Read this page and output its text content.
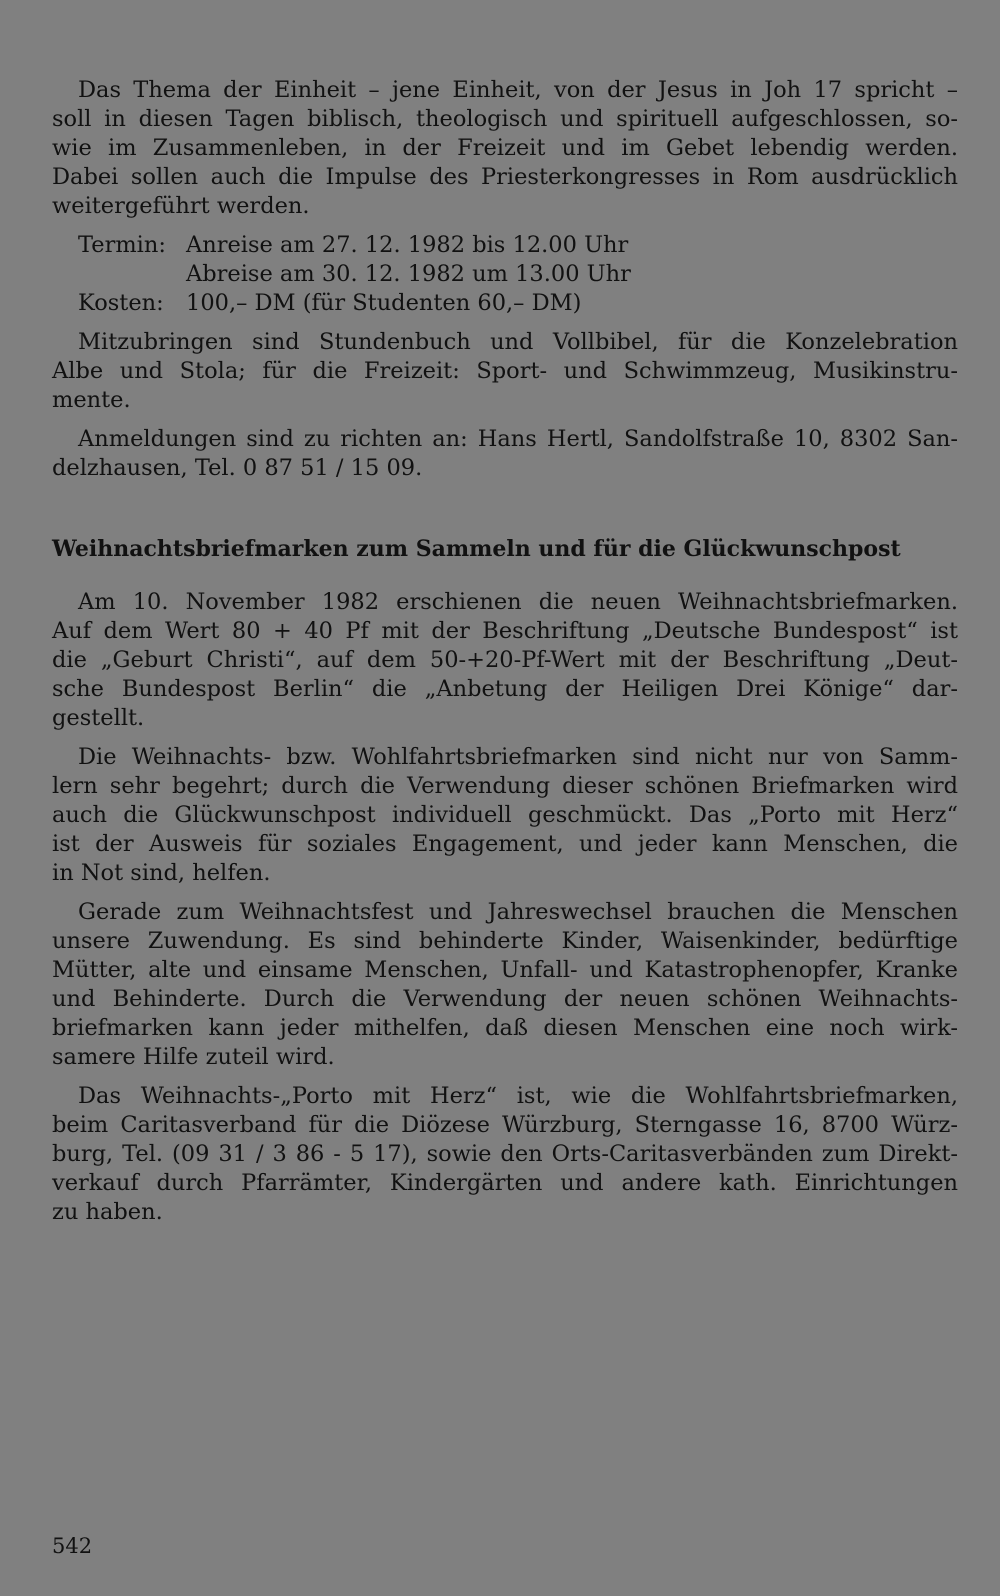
Das Thema der Einheit – jene Einheit, von der Jesus in Joh 17 spricht –
soll in diesen Tagen biblisch, theologisch und spirituell aufgeschlossen, so-
wie im Zusammenleben, in der Freizeit und im Gebet lebendig werden.
Dabei sollen auch die Impulse des Priesterkongresses in Rom ausdrücklich
weitergeführt werden.
Termin: Anreise am 27. 12. 1982 bis 12.00 Uhr
Abreise am 30. 12. 1982 um 13.00 Uhr
Kosten: 100,– DM (für Studenten 60,– DM)
Mitzubringen sind Stundenbuch und Vollbibel, für die Konzelebration
Albe und Stola; für die Freizeit: Sport- und Schwimmzeug, Musikinstru-
mente.
Anmeldungen sind zu richten an: Hans Hertl, Sandolfstraße 10, 8302 San-
delzhausen, Tel. 0 87 51 / 15 09.
Weihnachtsbriefmarken zum Sammeln und für die Glückwunschpost
Am 10. November 1982 erschienen die neuen Weihnachtsbriefmarken.
Auf dem Wert 80 + 40 Pf mit der Beschriftung „Deutsche Bundespost“ ist
die „Geburt Christi“, auf dem 50-+20-Pf-Wert mit der Beschriftung „Deut-
sche Bundespost Berlin“ die „Anbetung der Heiligen Drei Könige“ dar-
gestellt.
Die Weihnachts- bzw. Wohlfahrtsbriefmarken sind nicht nur von Samm-
lern sehr begehrt; durch die Verwendung dieser schönen Briefmarken wird
auch die Glückwunschpost individuell geschmückt. Das „Porto mit Herz“
ist der Ausweis für soziales Engagement, und jeder kann Menschen, die
in Not sind, helfen.
Gerade zum Weihnachtsfest und Jahreswechsel brauchen die Menschen
unsere Zuwendung. Es sind behinderte Kinder, Waisenkinder, bedürftige
Mütter, alte und einsame Menschen, Unfall- und Katastrophenopfer, Kranke
und Behinderte. Durch die Verwendung der neuen schönen Weihnachts-
briefmarken kann jeder mithelfen, daß diesen Menschen eine noch wirk-
samere Hilfe zuteil wird.
Das Weihnachts-„Porto mit Herz“ ist, wie die Wohlfahrtsbriefmarken,
beim Caritasverband für die Diözese Würzburg, Sterngasse 16, 8700 Würz-
burg, Tel. (09 31 / 3 86 - 5 17), sowie den Orts-Caritasverbänden zum Direkt-
verkauf durch Pfarrämter, Kindergärten und andere kath. Einrichtungen
zu haben.
542
